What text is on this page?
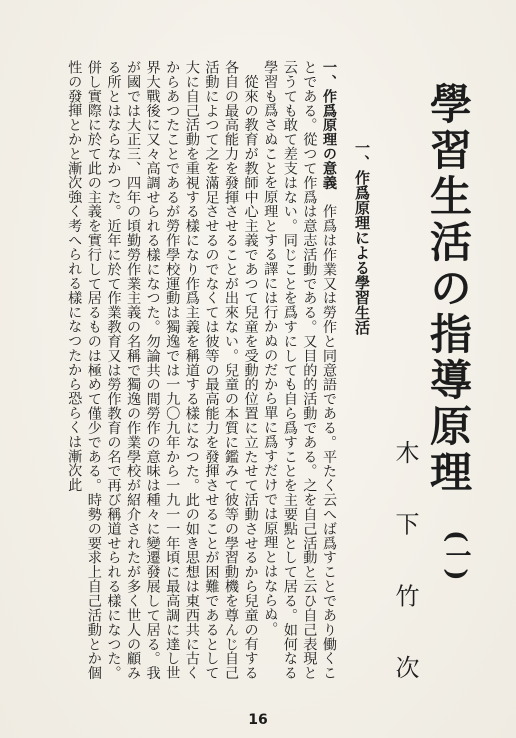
學習生活の指導原理
(一)
木 下 竹 次
一、作爲原理による學習生活

一、作爲原理の意義　作爲は作業又は勞作と同意語である。平たく云へば爲すことであり働くことである。從つて作爲は意志活動である。又目的的活動である。之を自己活動と云ひ自己表現と云うても敢て差支はない。同じことを爲すにしても自ら爲すことを主要點として居る。如何なる學習も爲さぬことを原理とする譯には行かぬのだから單に爲すだけでは原理とはならぬ。

　從來の教育が教師中心主義であつて兒童を受動的位置に立たせて活動させるから兒童の有する各自の最高能力を發揮させることが出來ない。兒童の本質に鑑みて彼等の學習動機を尊んじ自己活動によつて之を滿足させるのでなくては彼等の最高能力を發揮させることが困難であるとして大に自己活動を重視する樣になり作爲主義を稱道する樣になつた。此の如き思想は東西共に古くからあつたことであるが勞作學校運動は獨逸では一九〇九年から一九一一年頃に最高調に達し世界大戰後に又々高調せられる樣になつた。勿論共の間勞作の意味は種々に變遷發展して居る。我が國では大正三、四年の頃勤勞作業主義の名稱で獨逸の作業學校が紹介されたが多く世人の顧みる所とはならなかつた。近年に於て作業教育又は勞作教育の名で再び稱道せられる樣になつた。併し實際に於て此の主義を實行して居るものは極めて僅少である。時勢の要求上自己活動とか個性の發揮とかと漸次強く考へられる樣になつたから恐らくは漸次此

16
